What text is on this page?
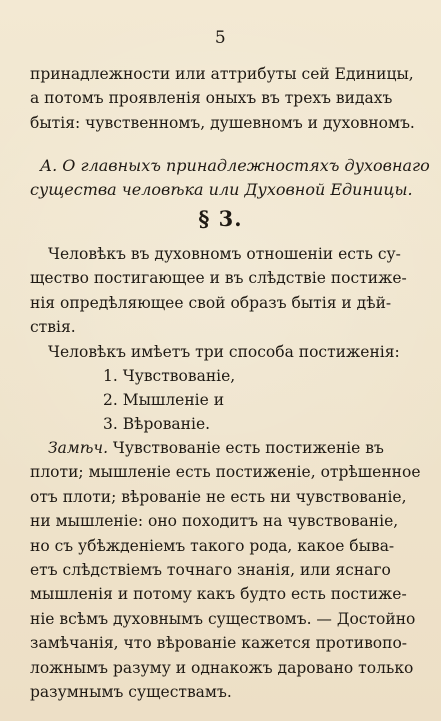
5
принадлежности или аттрибуты сей Единицы,
а потомъ проявленія оныхъ въ трехъ видахъ
бытія: чувственномъ, душевномъ и духовномъ.
А. О главныхъ принадлежностяхъ духовнаго
существа человѣка или Духовной Единицы.
§ 3.
Человѣкъ въ духовномъ отношеніи есть су-
щество постигающее и въ слѣдствіе постиже-
нія опредѣляющее свой образъ бытія и дѣй-
ствія.
Человѣкъ имѣетъ три способа постиженія:
1. Чувствованіе,
2. Мышленіе и
3. Вѣрованіе.
Замѣч. Чувствованіе есть постиженіе въ
плоти; мышленіе есть постиженіе, отрѣшенное
отъ плоти; вѣрованіе не есть ни чувствованіе,
ни мышленіе: оно походитъ на чувствованіе,
но съ убѣжденіемъ такого рода, какое быва-
етъ слѣдствіемъ точнаго знанія, или яснаго
мышленія и потому какъ будто есть постиже-
ніе всѣмъ духовнымъ существомъ. — Достойно
замѣчанія, что вѣрованіе кажется противопо-
ложнымъ разуму и однакожъ даровано только
разумнымъ существамъ.
